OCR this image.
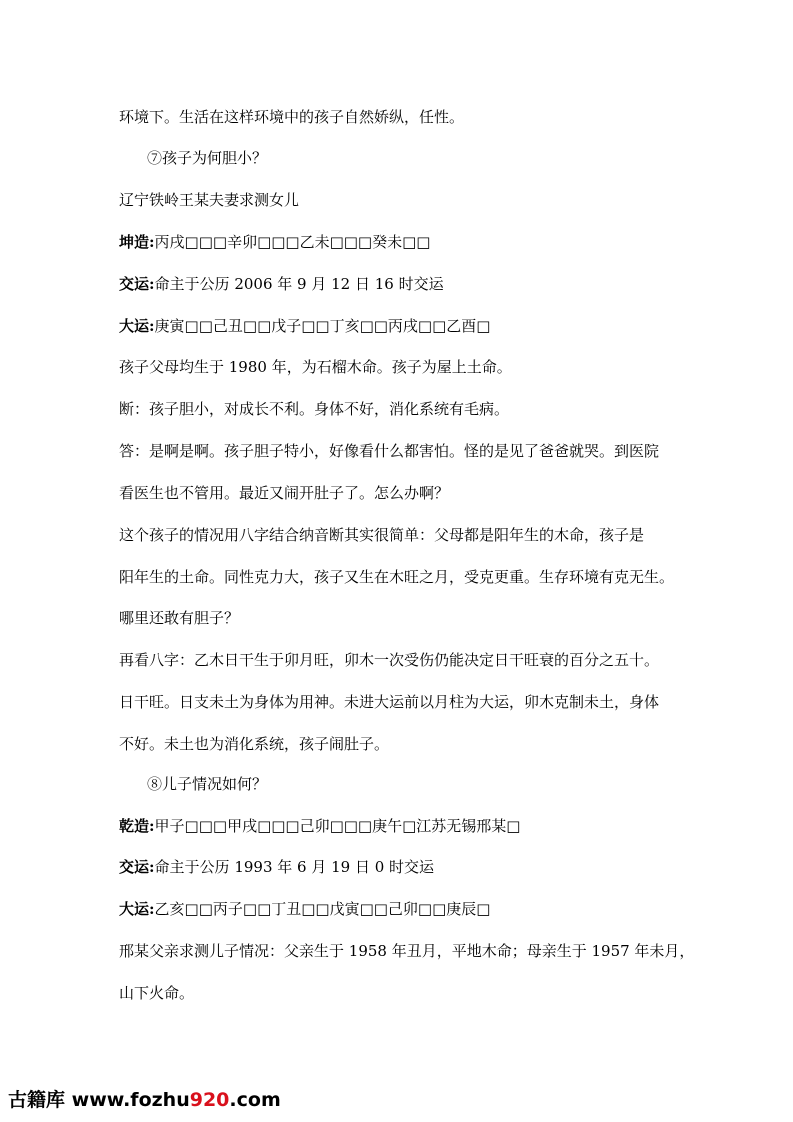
环境下。生活在这样环境中的孩子自然娇纵，任性。
⑦孩子为何胆小？
辽宁铁岭王某夫妻求测女儿
坤造:丙戌□□□辛卯□□□乙未□□□癸未□□
交运:命主于公历 2006 年 9 月 12 日 16 时交运
大运:庚寅□□己丑□□戊子□□丁亥□□丙戌□□乙酉□
孩子父母均生于 1980 年，为石榴木命。孩子为屋上土命。
断：孩子胆小，对成长不利。身体不好，消化系统有毛病。
答：是啊是啊。孩子胆子特小，好像看什么都害怕。怪的是见了爸爸就哭。到医院
看医生也不管用。最近又闹开肚子了。怎么办啊？
这个孩子的情况用八字结合纳音断其实很简单：父母都是阳年生的木命，孩子是
阳年生的土命。同性克力大，孩子又生在木旺之月，受克更重。生存环境有克无生。
哪里还敢有胆子？
再看八字：乙木日干生于卯月旺，卯木一次受伤仍能决定日干旺衰的百分之五十。
日干旺。日支未土为身体为用神。未进大运前以月柱为大运，卯木克制未土，身体
不好。未土也为消化系统，孩子闹肚子。
⑧儿子情况如何？
乾造:甲子□□□甲戌□□□己卯□□□庚午□江苏无锡邢某□
交运:命主于公历 1993 年 6 月 19 日 0 时交运
大运:乙亥□□丙子□□丁丑□□戊寅□□己卯□□庚辰□
邢某父亲求测儿子情况：父亲生于 1958 年丑月，平地木命；母亲生于 1957 年未月，
山下火命。
古籍库 www.fozhu920.com
